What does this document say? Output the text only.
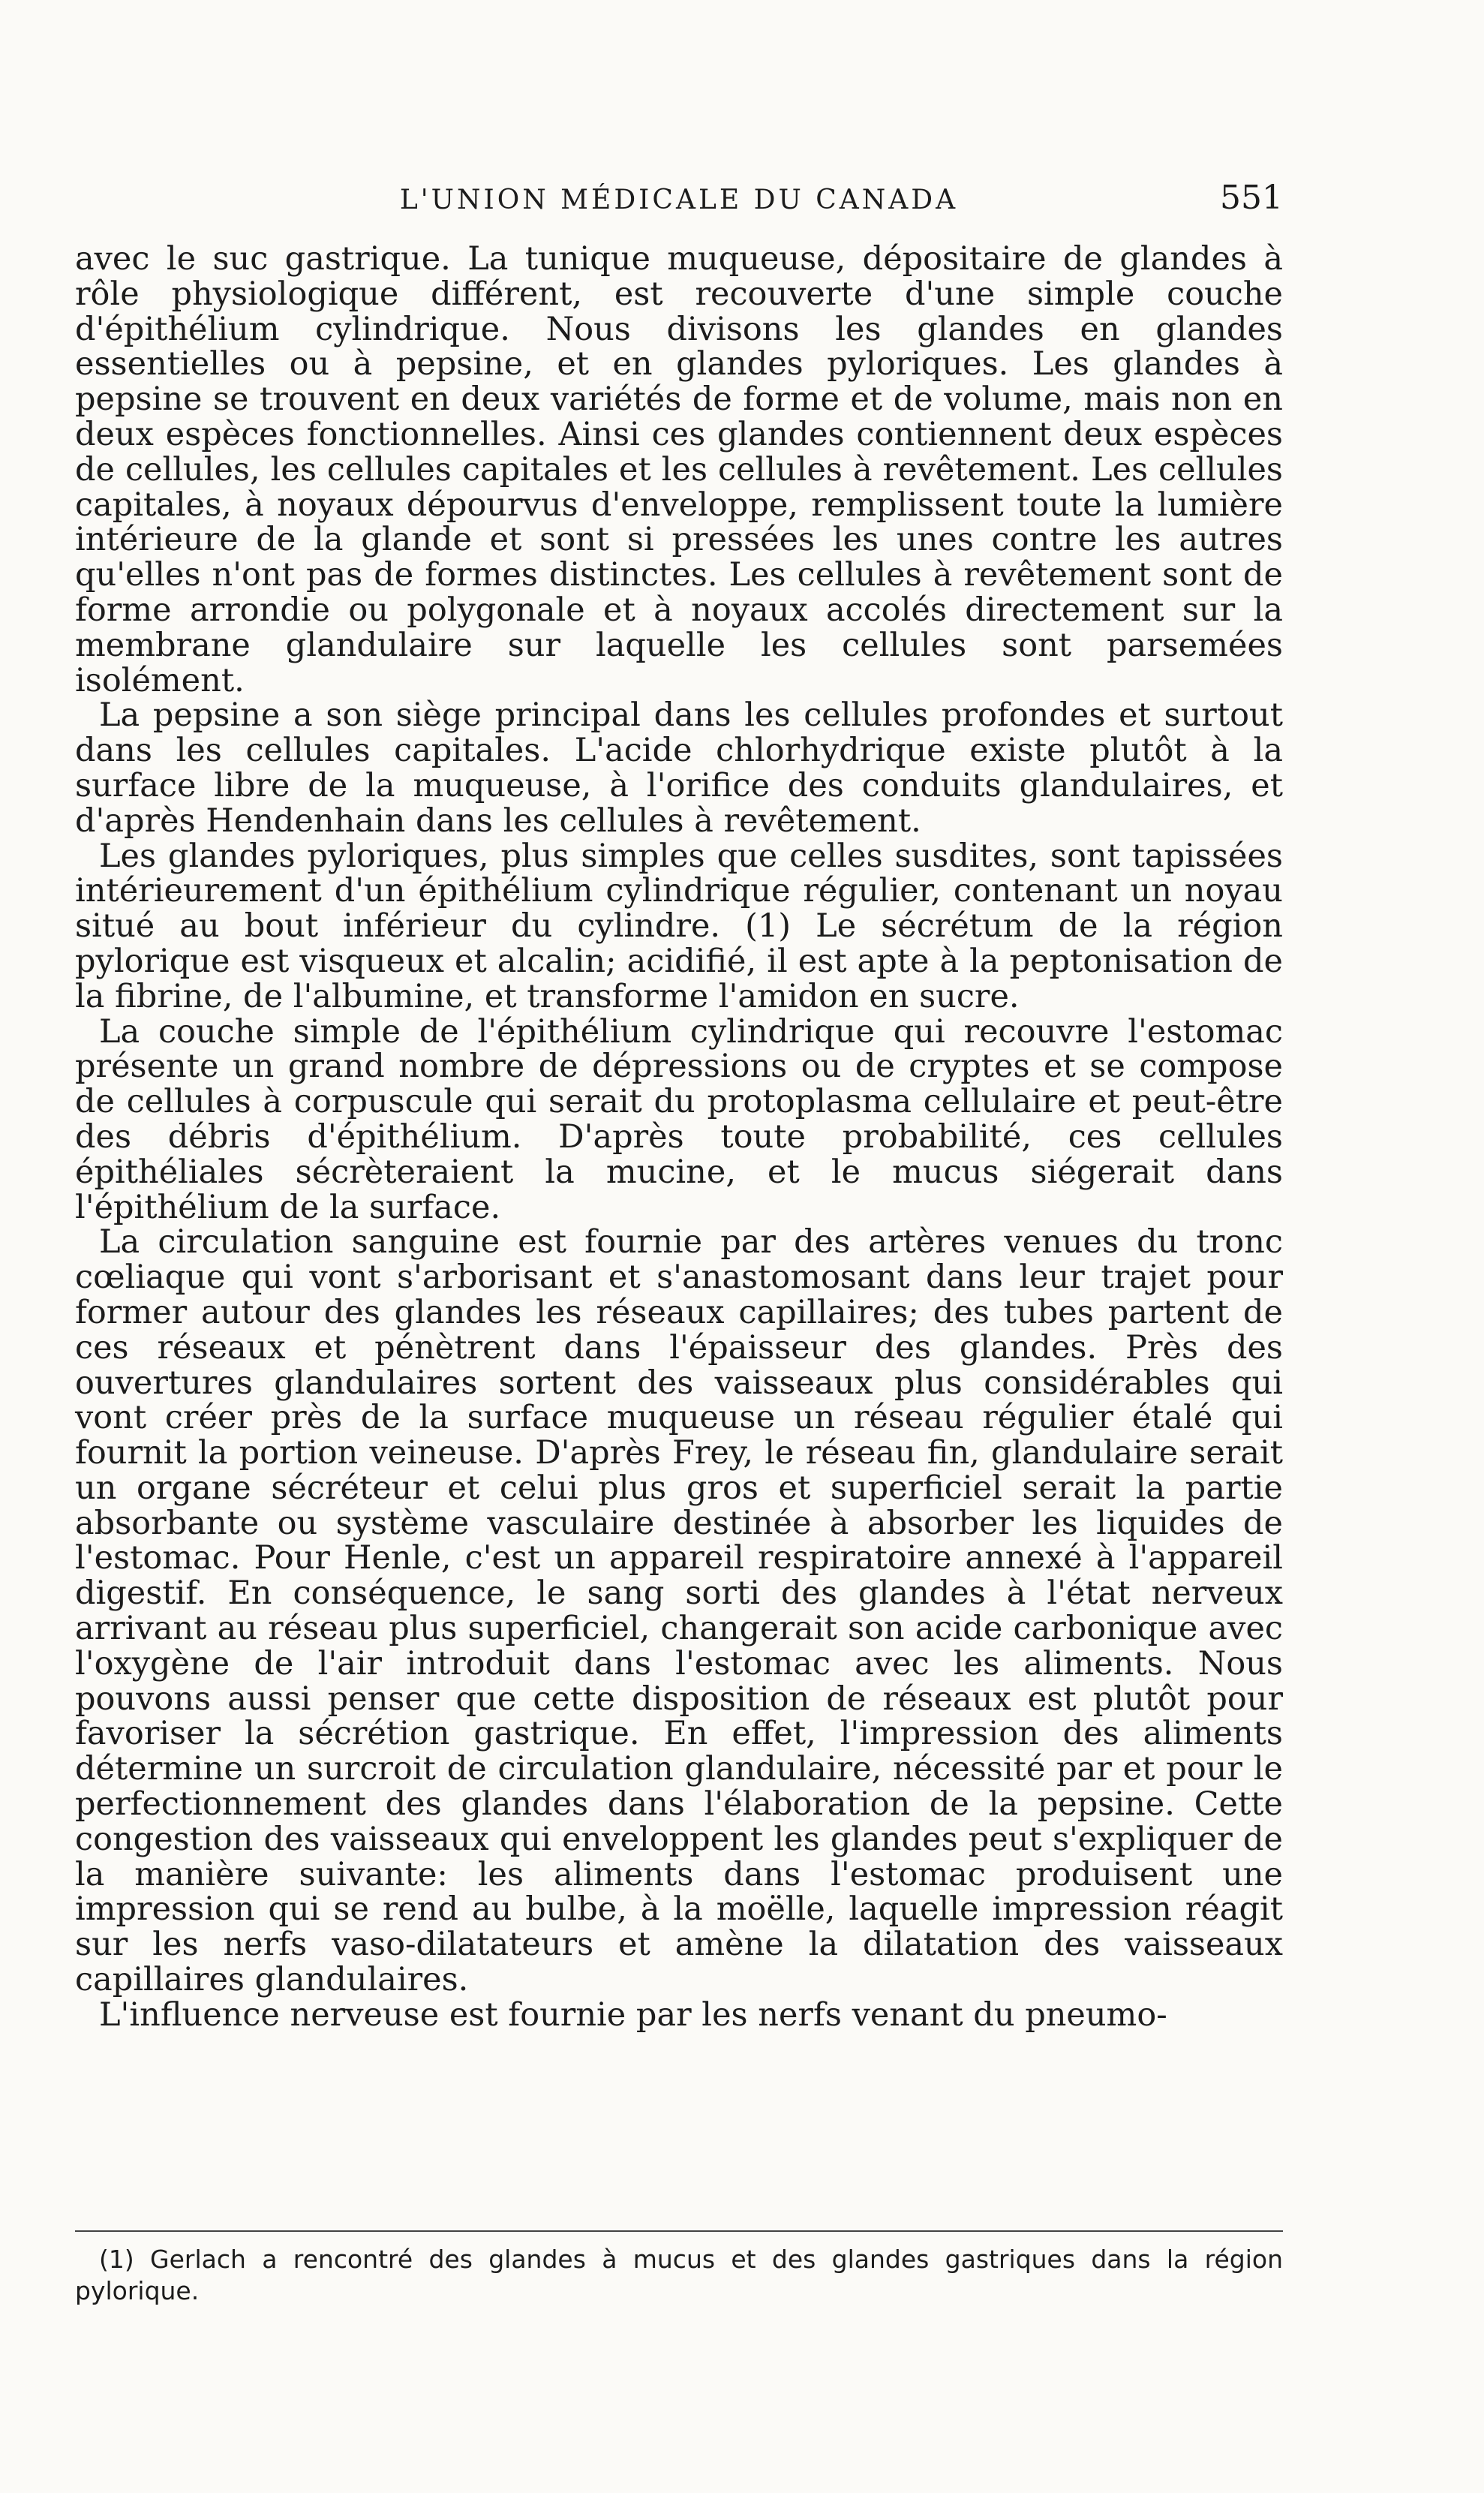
L'UNION MÉDICALE DU CANADA	551

avec le suc gastrique. La tunique muqueuse, dépositaire de glandes à rôle physiologique différent, est recouverte d'une simple couche d'épithélium cylindrique. Nous divisons les glandes en glandes essentielles ou à pepsine, et en glandes pyloriques. Les glandes à pepsine se trouvent en deux variétés de forme et de volume, mais non en deux espèces fonctionnelles. Ainsi ces glandes contiennent deux espèces de cellules, les cellules capitales et les cellules à revêtement. Les cellules capitales, à noyaux dépourvus d'enveloppe, remplissent toute la lumière intérieure de la glande et sont si pressées les unes contre les autres qu'elles n'ont pas de formes distinctes. Les cellules à revêtement sont de forme arrondie ou polygonale et à noyaux accolés directement sur la membrane glandulaire sur laquelle les cellules sont parsemées isolément.

La pepsine a son siège principal dans les cellules profondes et surtout dans les cellules capitales. L'acide chlorhydrique existe plutôt à la surface libre de la muqueuse, à l'orifice des conduits glandulaires, et d'après Hendenhain dans les cellules à revêtement.

Les glandes pyloriques, plus simples que celles susdites, sont tapissées intérieurement d'un épithélium cylindrique régulier, contenant un noyau situé au bout inférieur du cylindre. (1) Le sécrétum de la région pylorique est visqueux et alcalin; acidifié, il est apte à la peptonisation de la fibrine, de l'albumine, et transforme l'amidon en sucre.

La couche simple de l'épithélium cylindrique qui recouvre l'estomac présente un grand nombre de dépressions ou de cryptes et se compose de cellules à corpuscule qui serait du protoplasma cellulaire et peut-être des débris d'épithélium. D'après toute probabilité, ces cellules épithéliales sécrèteraient la mucine, et le mucus siégerait dans l'épithélium de la surface.

La circulation sanguine est fournie par des artères venues du tronc cœliaque qui vont s'arborisant et s'anastomosant dans leur trajet pour former autour des glandes les réseaux capillaires; des tubes partent de ces réseaux et pénètrent dans l'épaisseur des glandes. Près des ouvertures glandulaires sortent des vaisseaux plus considérables qui vont créer près de la surface muqueuse un réseau régulier étalé qui fournit la portion veineuse. D'après Frey, le réseau fin, glandulaire serait un organe sécréteur et celui plus gros et superficiel serait la partie absorbante ou système vasculaire destinée à absorber les liquides de l'estomac. Pour Henle, c'est un appareil respiratoire annexé à l'appareil digestif. En conséquence, le sang sorti des glandes à l'état nerveux arrivant au réseau plus superficiel, changerait son acide carbonique avec l'oxygène de l'air introduit dans l'estomac avec les aliments. Nous pouvons aussi penser que cette disposition de réseaux est plutôt pour favoriser la sécrétion gastrique. En effet, l'impression des aliments détermine un surcroit de circulation glandulaire, nécessité par et pour le perfectionnement des glandes dans l'élaboration de la pepsine. Cette congestion des vaisseaux qui enveloppent les glandes peut s'expliquer de la manière suivante: les aliments dans l'estomac produisent une impression qui se rend au bulbe, à la moëlle, laquelle impression réagit sur les nerfs vaso-dilatateurs et amène la dilatation des vaisseaux capillaires glandulaires.

L'influence nerveuse est fournie par les nerfs venant du pneumo-

(1) Gerlach a rencontré des glandes à mucus et des glandes gastriques dans la région pylorique.
